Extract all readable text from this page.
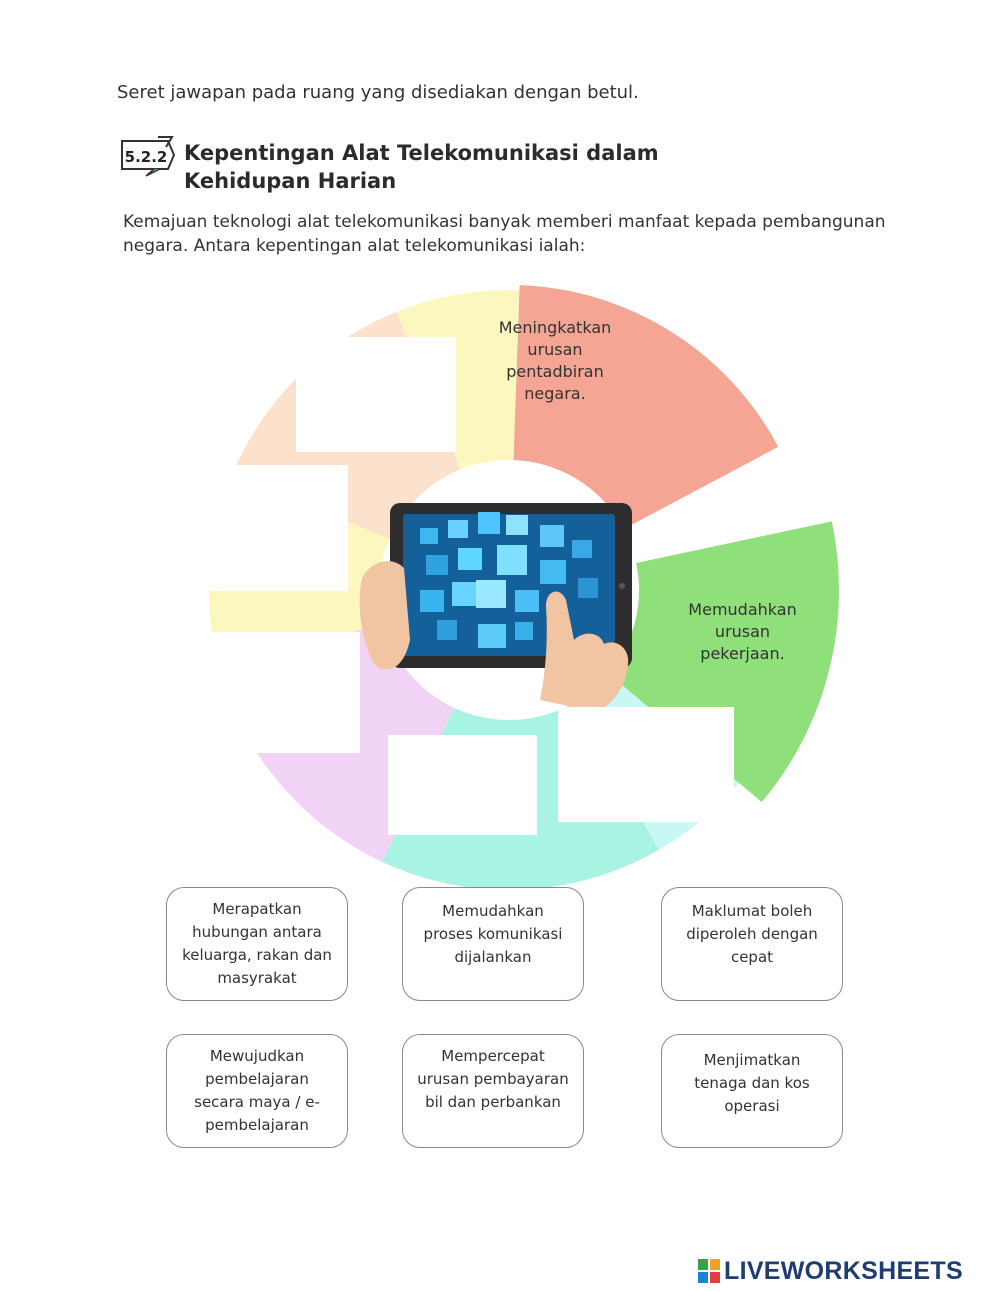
Seret jawapan pada ruang yang disediakan dengan betul.
5.2.2 Kepentingan Alat Telekomunikasi dalam
Kehidupan Harian
Kemajuan teknologi alat telekomunikasi banyak memberi manfaat kepada pembangunan negara. Antara kepentingan alat telekomunikasi ialah:
Meningkatkan
urusan
pentadbiran
negara.
Memudahkan
urusan
pekerjaan.
Merapatkan hubungan antara keluarga, rakan dan masyrakat
Memudahkan proses komunikasi dijalankan
Maklumat boleh diperoleh dengan cepat
Mewujudkan pembelajaran secara maya / e-pembelajaran
Mempercepat urusan pembayaran bil dan perbankan
Menjimatkan tenaga dan kos operasi
LIVEWORKSHEETS
